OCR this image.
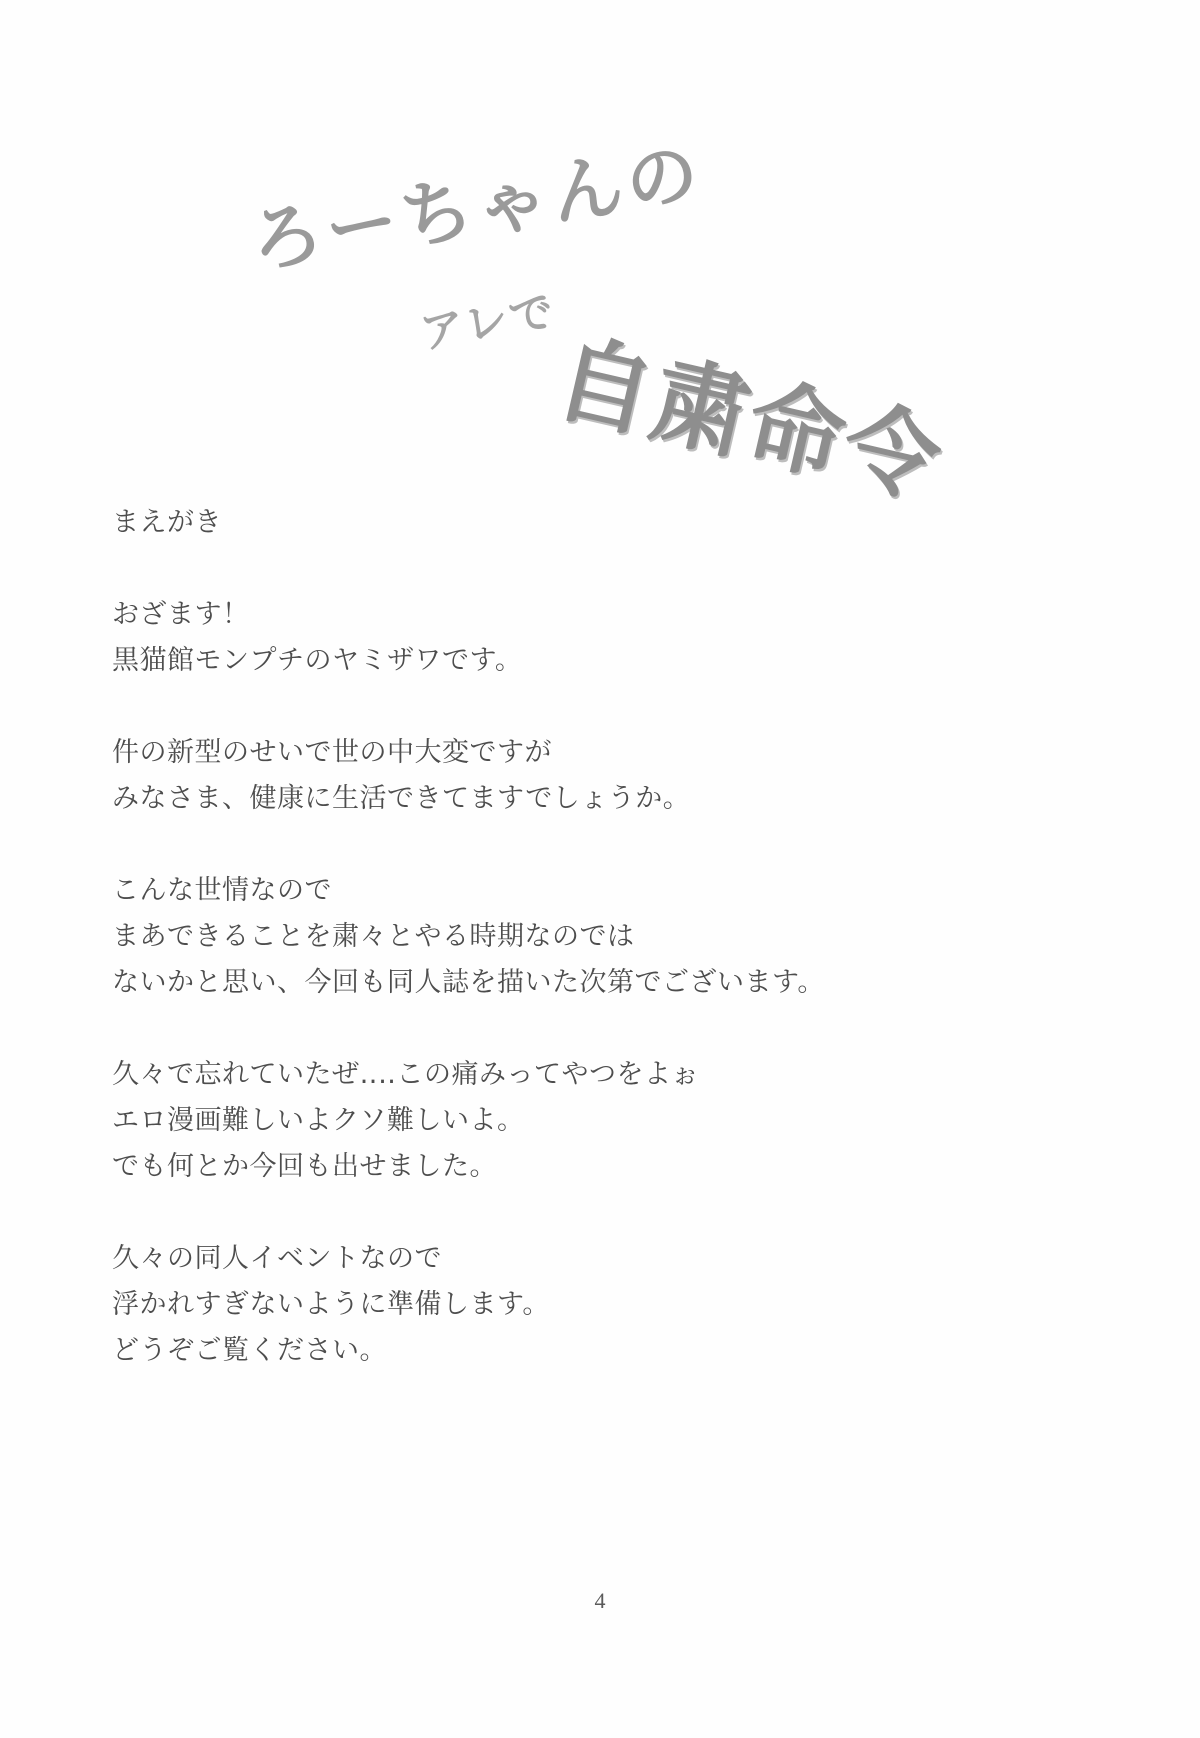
ろーちゃんの
アレで
自粛命令
まえがき
おざます！
黒猫館モンプチのヤミザワです。
件の新型のせいで世の中大変ですが
みなさま、健康に生活できてますでしょうか。
こんな世情なので
まあできることを粛々とやる時期なのでは
ないかと思い、今回も同人誌を描いた次第でございます。
久々で忘れていたぜ‥‥この痛みってやつをよぉ
エロ漫画難しいよクソ難しいよ。
でも何とか今回も出せました。
久々の同人イベントなので
浮かれすぎないように準備します。
どうぞご覧ください。
4
